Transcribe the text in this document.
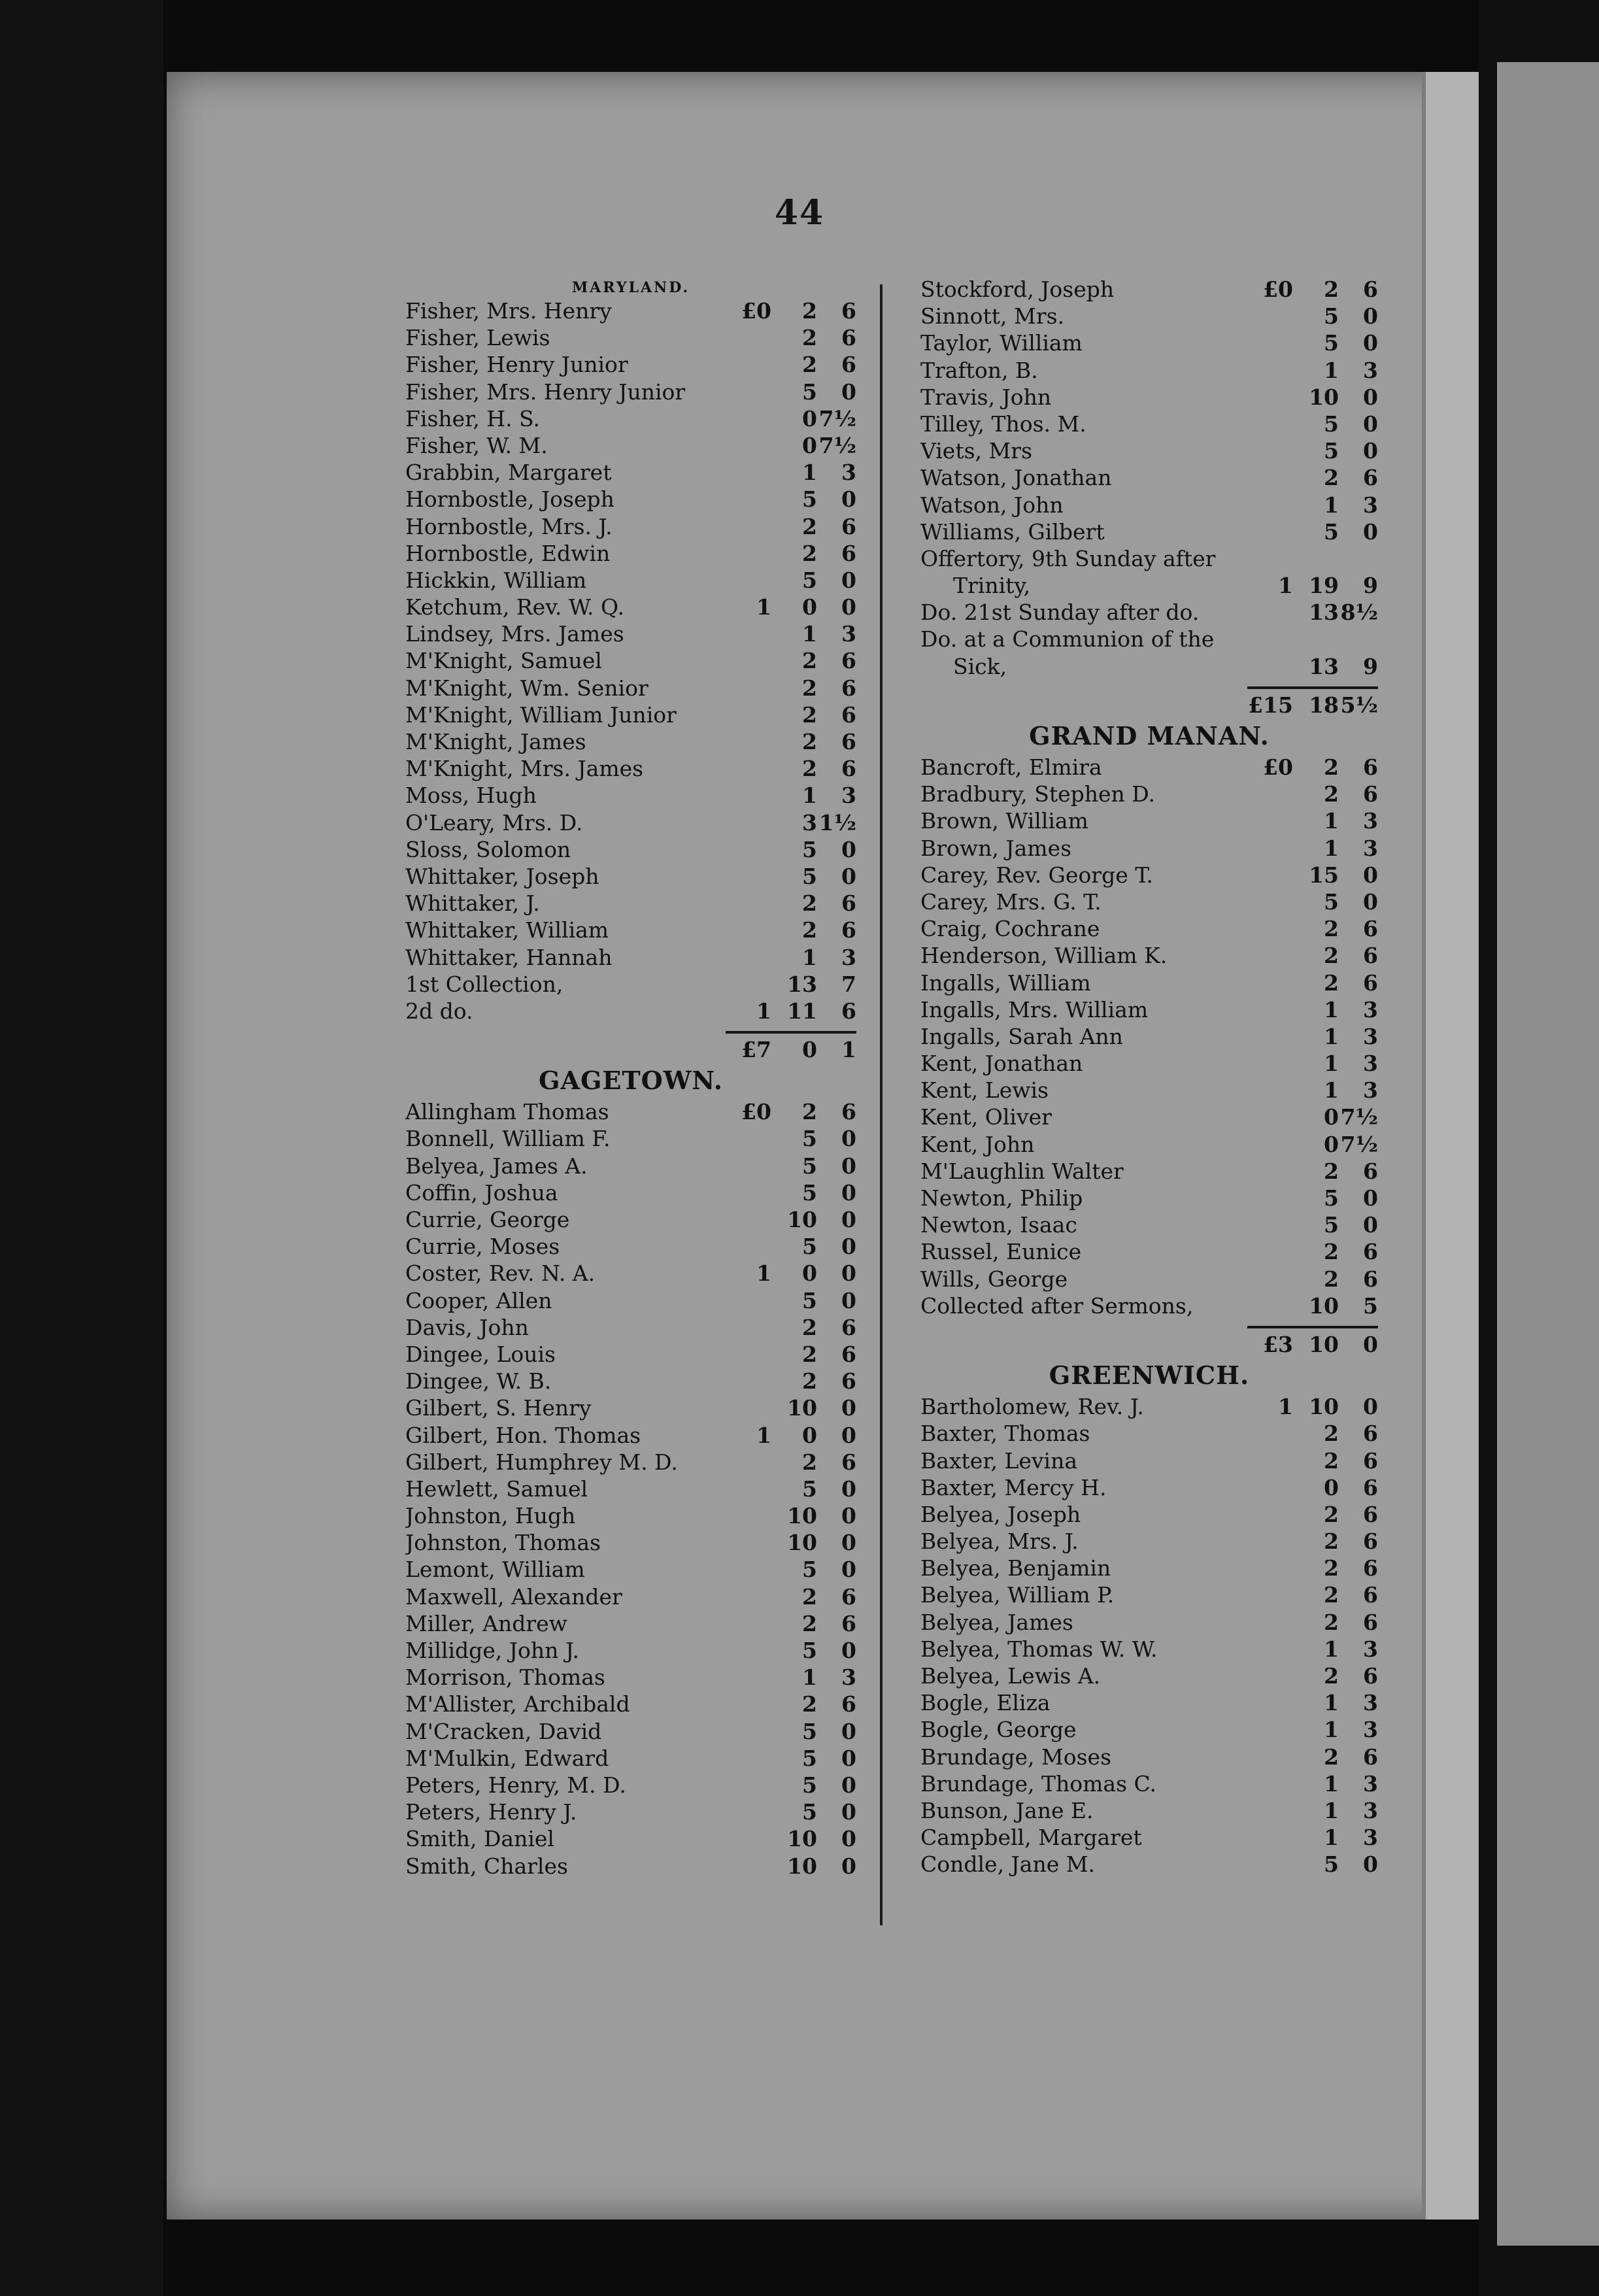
44
MARYLAND.
Fisher, Mrs. Henry	£0	2	6
Fisher, Lewis	2	6
Fisher, Henry Junior	2	6
Fisher, Mrs. Henry Junior	5	0
Fisher, H. S.	0 7½
Fisher, W. M.	0 7½
Grabbin, Margaret	1	3
Hornbostle, Joseph	5	0
Hornbostle, Mrs. J.	2	6
Hornbostle, Edwin	2	6
Hickkin, William	5	0
Ketchum, Rev. W. Q.	1	0	0
Lindsey, Mrs. James	1	3
M'Knight, Samuel	2	6
M'Knight, Wm. Senior	2	6
M'Knight, William Junior	2	6
M'Knight, James	2	6
M'Knight, Mrs. James	2	6
Moss, Hugh	1	3
O'Leary, Mrs. D.	3 1½
Sloss, Solomon	5	0
Whittaker, Joseph	5	0
Whittaker, J.	2	6
Whittaker, William	2	6
Whittaker, Hannah	1	3
1st Collection,	13	7
2d do.	1 11	6
£7	0	1
GAGETOWN.
Allingham Thomas	£0	2	6
Bonnell, William F.	5	0
Belyea, James A.	5	0
Coffin, Joshua	5	0
Currie, George	10	0
Currie, Moses	5	0
Coster, Rev. N. A.	1	0	0
Cooper, Allen	5	0
Davis, John	2	6
Dingee, Louis	2	6
Dingee, W. B.	2	6
Gilbert, S. Henry	10	0
Gilbert, Hon. Thomas	1	0	0
Gilbert, Humphrey M. D.	2	6
Hewlett, Samuel	5	0
Johnston, Hugh	10	0
Johnston, Thomas	10	0
Lemont, William	5	0
Maxwell, Alexander	2	6
Miller, Andrew	2	6
Millidge, John J.	5	0
Morrison, Thomas	1	3
M'Allister, Archibald	2	6
M'Cracken, David	5	0
M'Mulkin, Edward	5	0
Peters, Henry, M. D.	5	0
Peters, Henry J.	5	0
Smith, Daniel	10	0
Smith, Charles	10	0
Stockford, Joseph	£0	2	6
Sinnott, Mrs.	5	0
Taylor, William	5	0
Trafton, B.	1	3
Travis, John	10	0
Tilley, Thos. M.	5	0
Viets, Mrs	5	0
Watson, Jonathan	2	6
Watson, John	1	3
Williams, Gilbert	5	0
Offertory, 9th Sunday after
Trinity,	1 19	9
Do. 21st Sunday after do.	13 8½
Do. at a Communion of the
Sick,	13	9
£15 18 5½
GRAND MANAN.
Bancroft, Elmira	£0	2	6
Bradbury, Stephen D.	2	6
Brown, William	1	3
Brown, James	1	3
Carey, Rev. George T.	15	0
Carey, Mrs. G. T.	5	0
Craig, Cochrane	2	6
Henderson, William K.	2	6
Ingalls, William	2	6
Ingalls, Mrs. William	1	3
Ingalls, Sarah Ann	1	3
Kent, Jonathan	1	3
Kent, Lewis	1	3
Kent, Oliver	0 7½
Kent, John	0 7½
M'Laughlin Walter	2	6
Newton, Philip	5	0
Newton, Isaac	5	0
Russel, Eunice	2	6
Wills, George	2	6
Collected after Sermons,	10	5
£3 10	0
GREENWICH.
Bartholomew, Rev. J.	1 10	0
Baxter, Thomas	2	6
Baxter, Levina	2	6
Baxter, Mercy H.	0	6
Belyea, Joseph	2	6
Belyea, Mrs. J.	2	6
Belyea, Benjamin	2	6
Belyea, William P.	2	6
Belyea, James	2	6
Belyea, Thomas W. W.	1	3
Belyea, Lewis A.	2	6
Bogle, Eliza	1	3
Bogle, George	1	3
Brundage, Moses	2	6
Brundage, Thomas C.	1	3
Bunson, Jane E.	1	3
Campbell, Margaret	1	3
Condle, Jane M.	5	0
